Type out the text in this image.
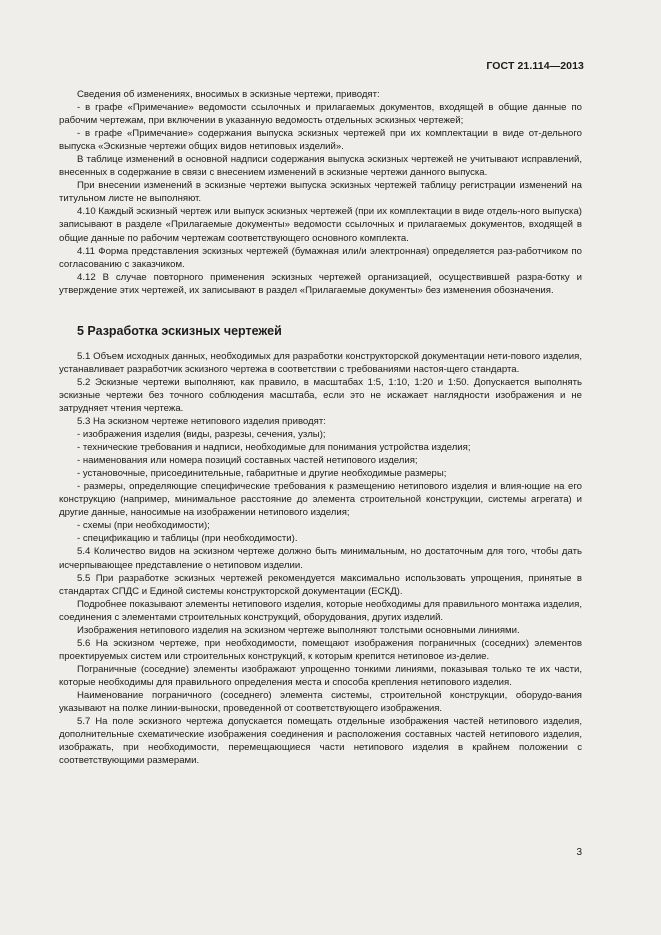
ГОСТ 21.114—2013

Сведения об изменениях, вносимых в эскизные чертежи, приводят:

- в графе «Примечание» ведомости ссылочных и прилагаемых документов, входящей в общие данные по рабочим чертежам, при включении в указанную ведомость отдельных эскизных чертежей;

- в графе «Примечание» содержания выпуска эскизных чертежей при их комплектации в виде от-дельного выпуска «Эскизные чертежи общих видов нетиповых изделий».

В таблице изменений в основной надписи содержания выпуска эскизных чертежей не учитывают исправлений, внесенных в содержание в связи с внесением изменений в эскизные чертежи данного выпуска.

При внесении изменений в эскизные чертежи выпуска эскизных чертежей таблицу регистрации изменений на титульном листе не выполняют.

4.10 Каждый эскизный чертеж или выпуск эскизных чертежей (при их комплектации в виде отдель-ного выпуска) записывают в разделе «Прилагаемые документы» ведомости ссылочных и прилагаемых документов, входящей в общие данные по рабочим чертежам соответствующего основного комплекта.

4.11 Форма представления эскизных чертежей (бумажная или/и электронная) определяется раз-работчиком по согласованию с заказчиком.

4.12 В случае повторного применения эскизных чертежей организацией, осуществившей разра-ботку и утверждение этих чертежей, их записывают в раздел «Прилагаемые документы» без изменения обозначения.

5 Разработка эскизных чертежей

5.1 Объем исходных данных, необходимых для разработки конструкторской документации нети-пового изделия, устанавливает разработчик эскизного чертежа в соответствии с требованиями настоя-щего стандарта.

5.2 Эскизные чертежи выполняют, как правило, в масштабах 1:5, 1:10, 1:20 и 1:50. Допускается выполнять эскизные чертежи без точного соблюдения масштаба, если это не искажает наглядности изображения и не затрудняет чтения чертежа.

5.3 На эскизном чертеже нетипового изделия приводят:

- изображения изделия (виды, разрезы, сечения, узлы);

- технические требования и надписи, необходимые для понимания устройства изделия;

- наименования или номера позиций составных частей нетипового изделия;

- установочные, присоединительные, габаритные и другие необходимые размеры;

- размеры, определяющие специфические требования к размещению нетипового изделия и влия-ющие на его конструкцию (например, минимальное расстояние до элемента строительной конструкции, системы агрегата) и другие данные, наносимые на изображении нетипового изделия;

- схемы (при необходимости);

- спецификацию и таблицы (при необходимости).

5.4 Количество видов на эскизном чертеже должно быть минимальным, но достаточным для того, чтобы дать исчерпывающее представление о нетиповом изделии.

5.5 При разработке эскизных чертежей рекомендуется максимально использовать упрощения, принятые в стандартах СПДС и Единой системы конструкторской документации (ЕСКД).

Подробнее показывают элементы нетипового изделия, которые необходимы для правильного монтажа изделия, соединения с элементами строительных конструкций, оборудования, других изделий.

Изображения нетипового изделия на эскизном чертеже выполняют толстыми основными линиями.

5.6 На эскизном чертеже, при необходимости, помещают изображения пограничных (соседних) элементов проектируемых систем или строительных конструкций, к которым крепится нетиповое из-делие.

Пограничные (соседние) элементы изображают упрощенно тонкими линиями, показывая только те их части, которые необходимы для правильного определения места и способа крепления нетипового изделия.

Наименование пограничного (соседнего) элемента системы, строительной конструкции, оборудо-вания указывают на полке линии-выноски, проведенной от соответствующего изображения.

5.7 На поле эскизного чертежа допускается помещать отдельные изображения частей нетипового изделия, дополнительные схематические изображения соединения и расположения составных частей нетипового изделия, изображать, при необходимости, перемещающиеся части нетипового изделия в крайнем положении с соответствующими размерами.

3
